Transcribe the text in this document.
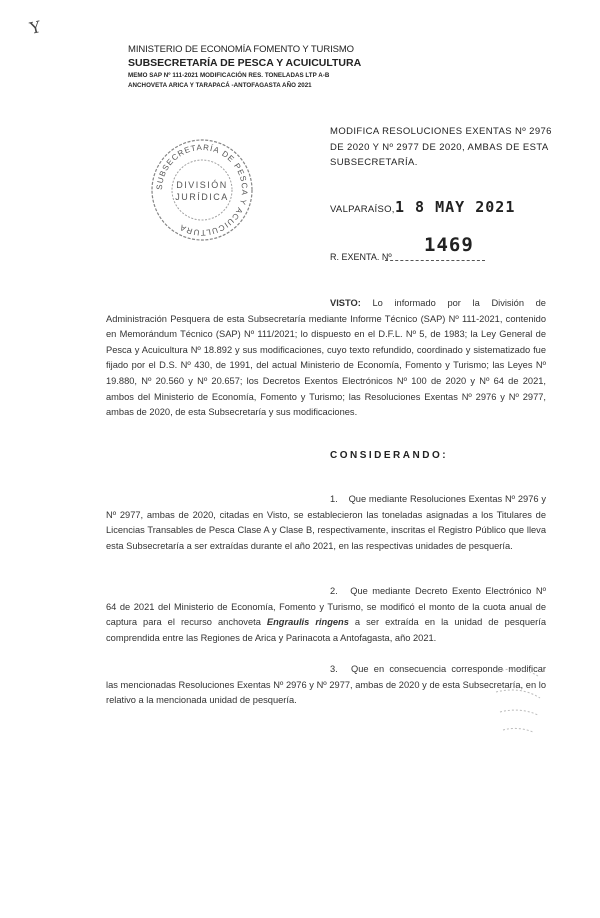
Y
MINISTERIO DE ECONOMÍA FOMENTO Y TURISMO
SUBSECRETARÍA DE PESCA Y ACUICULTURA
MEMO SAP Nº 111-2021 MODIFICACIÓN RES. TONELADAS LTP A-B
ANCHOVETA ARICA Y TARAPACÁ -ANTOFAGASTA AÑO 2021
SUBSECRETARÍA DE PESCA Y ACUICULTURA
DIVISIÓN
JURÍDICA
MODIFICA RESOLUCIONES EXENTAS Nº 2976 DE 2020 Y Nº 2977 DE 2020, AMBAS DE ESTA SUBSECRETARÍA.
VALPARAÍSO, 1 8 MAY 2021
1469
R. EXENTA. Nº
VISTO: Lo informado por la División de Administración Pesquera de esta Subsecretaría mediante Informe Técnico (SAP) Nº 111-2021, contenido en Memorándum Técnico (SAP) Nº 111/2021; lo dispuesto en el D.F.L. Nº 5, de 1983; la Ley General de Pesca y Acuicultura Nº 18.892 y sus modificaciones, cuyo texto refundido, coordinado y sistematizado fue fijado por el D.S. Nº 430, de 1991, del actual Ministerio de Economía, Fomento y Turismo; las Leyes Nº 19.880, Nº 20.560 y Nº 20.657; los Decretos Exentos Electrónicos Nº 100 de 2020 y Nº 64 de 2021, ambos del Ministerio de Economía, Fomento y Turismo; las Resoluciones Exentas Nº 2976 y Nº 2977, ambas de 2020, de esta Subsecretaría y sus modificaciones.
CONSIDERANDO:
1. Que mediante Resoluciones Exentas Nº 2976 y Nº 2977, ambas de 2020, citadas en Visto, se establecieron las toneladas asignadas a los Titulares de Licencias Transables de Pesca Clase A y Clase B, respectivamente, inscritas el Registro Público que lleva esta Subsecretaría a ser extraídas durante el año 2021, en las respectivas unidades de pesquería.
2. Que mediante Decreto Exento Electrónico Nº 64 de 2021 del Ministerio de Economía, Fomento y Turismo, se modificó el monto de la cuota anual de captura para el recurso anchoveta Engraulis ringens a ser extraída en la unidad de pesquería comprendida entre las Regiones de Arica y Parinacota a Antofagasta, año 2021.
3. Que en consecuencia corresponde modificar las mencionadas Resoluciones Exentas Nº 2976 y Nº 2977, ambas de 2020 y de esta Subsecretaría, en lo relativo a la mencionada unidad de pesquería.
